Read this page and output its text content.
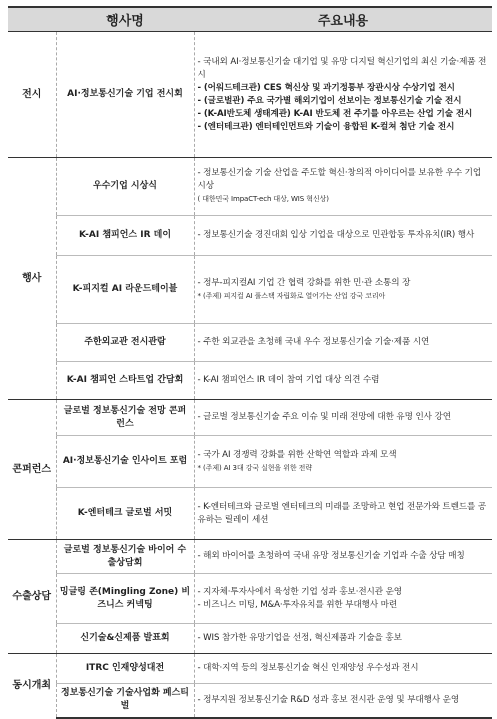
	행사명	주요내용
전시	AI·정보통신기술 기업 전시회	- 국내외 AI·정보통신기술 대기업 및 유망 디지털 혁신기업의 최신 기술·제품 전시
- (어워드테크관) CES 혁신상 및 과기정통부 장관시상 수상기업 전시
- (글로벌관) 주요 국가별 해외기업이 선보이는 정보통신기술 기술 전시
- (K-AI반도체 생태계관) K-AI 반도체 전 주기를 아우르는 산업 기술 전시
- (엔터테크관) 엔터테인먼트와 기술이 융합된 K-컬쳐 첨단 기술 전시

행사	우수기업 시상식	- 정보통신기술 기술 산업을 주도할 혁신·창의적 아이디어를 보유한 우수 기업 시상
( 대한민국 ImpaCT-ech 대상, WIS 혁신상)

	K-AI 챔피언스 IR 데이	- 정보통신기술 경진대회 입상 기업을 대상으로 민관합동 투자유치(IR) 행사

	K-피지컬 AI 라운드테이블	- 정부-피지컬AI 기업 간 협력 강화를 위한 민·관 소통의 장
* (주제) 피지컬 AI 풀스택 자립화로 열어가는 산업 강국 코리아

	주한외교관 전시관람	- 주한 외교관을 초청해 국내 우수 정보통신기술 기술·제품 시연

	K-AI 챔피언 스타트업 간담회	- K-AI 챔피언스 IR 데이 참여 기업 대상 의견 수렴

콘퍼런스	글로벌 정보통신기술 전망 콘퍼런스	- 글로벌 정보통신기술 주요 이슈 및 미래 전망에 대한 유명 인사 강연

	AI·정보통신기술 인사이트 포럼	- 국가 AI 경쟁력 강화를 위한 산학연 역할과 과제 모색
* (주제) AI 3대 강국 실현을 위한 전략

	K-엔터테크 글로벌 서밋	- K-엔터테크와 글로벌 엔터테크의 미래를 조망하고 현업 전문가와 트렌드를 공유하는 릴레이 세션

수출상담	글로벌 정보통신기술 바이어 수출상담회	- 해외 바이어를 초청하여 국내 유망 정보통신기술 기업과 수출 상담 매칭

	밍글링 존(Mingling Zone) 비즈니스 커넥팅	- 지자체·투자사에서 육성한 기업 성과 홍보·전시관 운영
- 비즈니스 미팅, M&A·투자유치를 위한 부대행사 마련

	신기술&신제품 발표회	- WIS 참가한 유망기업을 선정, 혁신제품과 기술을 홍보

동시개최	ITRC 인재양성대전	- 대학·지역 등의 정보통신기술 혁신 인재양성 우수성과 전시

	정보통신기술 기술사업화 페스티벌	- 정부지원 정보통신기술 R&D 성과 홍보 전시관 운영 및 부대행사 운영
